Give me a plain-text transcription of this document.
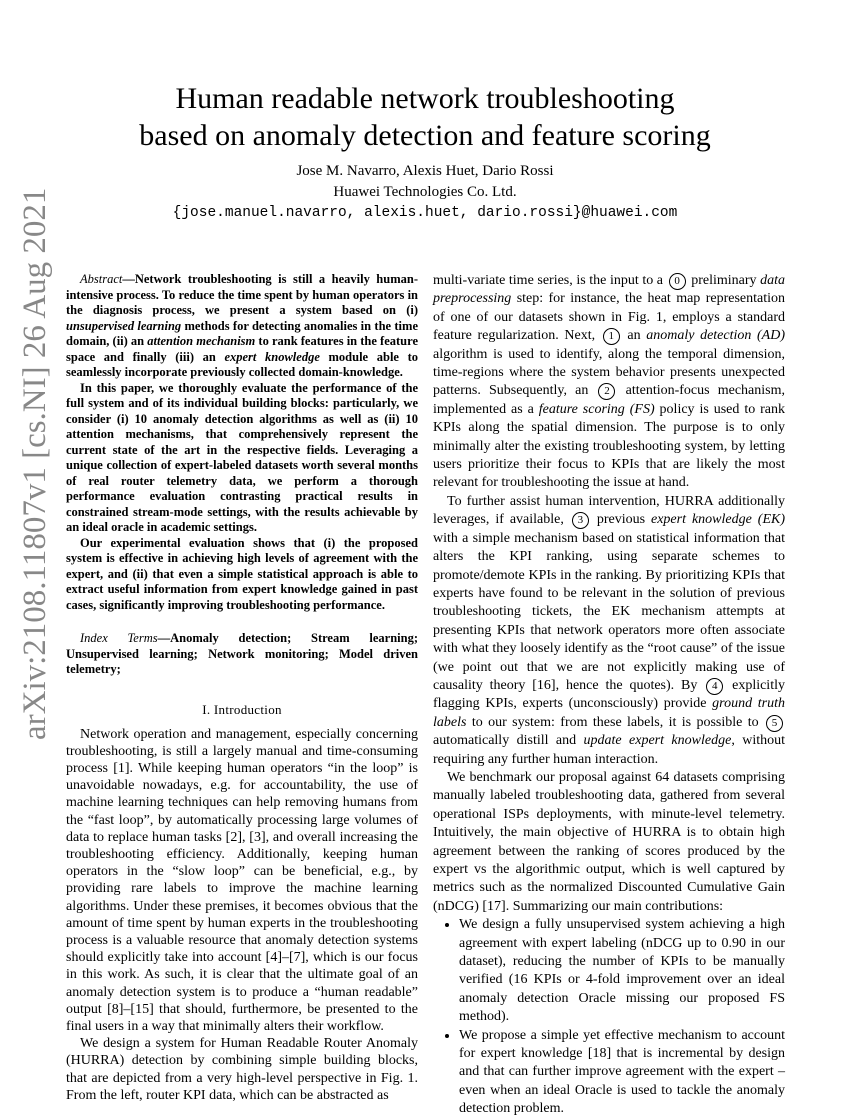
arXiv:2108.11807v1 [cs.NI] 26 Aug 2021
Human readable network troubleshooting
based on anomaly detection and feature scoring
Jose M. Navarro, Alexis Huet, Dario Rossi
Huawei Technologies Co. Ltd.
{jose.manuel.navarro, alexis.huet, dario.rossi}@huawei.com

Abstract—Network troubleshooting is still a heavily human-intensive process. To reduce the time spent by human operators in the diagnosis process, we present a system based on (i) unsupervised learning methods for detecting anomalies in the time domain, (ii) an attention mechanism to rank features in the feature space and finally (iii) an expert knowledge module able to seamlessly incorporate previously collected domain-knowledge.

In this paper, we thoroughly evaluate the performance of the full system and of its individual building blocks: particularly, we consider (i) 10 anomaly detection algorithms as well as (ii) 10 attention mechanisms, that comprehensively represent the current state of the art in the respective fields. Leveraging a unique collection of expert-labeled datasets worth several months of real router telemetry data, we perform a thorough performance evaluation contrasting practical results in constrained stream-mode settings, with the results achievable by an ideal oracle in academic settings.

Our experimental evaluation shows that (i) the proposed system is effective in achieving high levels of agreement with the expert, and (ii) that even a simple statistical approach is able to extract useful information from expert knowledge gained in past cases, significantly improving troubleshooting performance.

Index Terms—Anomaly detection; Stream learning; Unsupervised learning; Network monitoring; Model driven telemetry;

I. Introduction

Network operation and management, especially concerning troubleshooting, is still a largely manual and time-consuming process [1]. While keeping human operators “in the loop” is unavoidable nowadays, e.g. for accountability, the use of machine learning techniques can help removing humans from the “fast loop”, by automatically processing large volumes of data to replace human tasks [2], [3], and overall increasing the troubleshooting efficiency. Additionally, keeping human operators in the “slow loop” can be beneficial, e.g., by providing rare labels to improve the machine learning algorithms. Under these premises, it becomes obvious that the amount of time spent by human experts in the troubleshooting process is a valuable resource that anomaly detection systems should explicitly take into account [4]–[7], which is our focus in this work. As such, it is clear that the ultimate goal of an anomaly detection system is to produce a “human readable” output [8]–[15] that should, furthermore, be presented to the final users in a way that minimally alters their workflow.

We design a system for Human Readable Router Anomaly (HURRA) detection by combining simple building blocks, that are depicted from a very high-level perspective in Fig. 1. From the left, router KPI data, which can be abstracted as

multi-variate time series, is the input to a 0 preliminary data preprocessing step: for instance, the heat map representation of one of our datasets shown in Fig. 1, employs a standard feature regularization. Next, 1 an anomaly detection (AD) algorithm is used to identify, along the temporal dimension, time-regions where the system behavior presents unexpected patterns. Subsequently, an 2 attention-focus mechanism, implemented as a feature scoring (FS) policy is used to rank KPIs along the spatial dimension. The purpose is to only minimally alter the existing troubleshooting system, by letting users prioritize their focus to KPIs that are likely the most relevant for troubleshooting the issue at hand.

To further assist human intervention, HURRA additionally leverages, if available, 3 previous expert knowledge (EK) with a simple mechanism based on statistical information that alters the KPI ranking, using separate schemes to promote/demote KPIs in the ranking. By prioritizing KPIs that experts have found to be relevant in the solution of previous troubleshooting tickets, the EK mechanism attempts at presenting KPIs that network operators more often associate with what they loosely identify as the “root cause” of the issue (we point out that we are not explicitly making use of causality theory [16], hence the quotes). By 4 explicitly flagging KPIs, experts (unconsciously) provide ground truth labels to our system: from these labels, it is possible to 5 automatically distill and update expert knowledge, without requiring any further human interaction.

We benchmark our proposal against 64 datasets comprising manually labeled troubleshooting data, gathered from several operational ISPs deployments, with minute-level telemetry. Intuitively, the main objective of HURRA is to obtain high agreement between the ranking of scores produced by the expert vs the algorithmic output, which is well captured by metrics such as the normalized Discounted Cumulative Gain (nDCG) [17]. Summarizing our main contributions:

• We design a fully unsupervised system achieving a high agreement with expert labeling (nDCG up to 0.90 in our dataset), reducing the number of KPIs to be manually verified (16 KPIs or 4-fold improvement over an ideal anomaly detection Oracle missing our proposed FS method).
• We propose a simple yet effective mechanism to account for expert knowledge [18] that is incremental by design and that can further improve agreement with the expert – even when an ideal Oracle is used to tackle the anomaly detection problem.
